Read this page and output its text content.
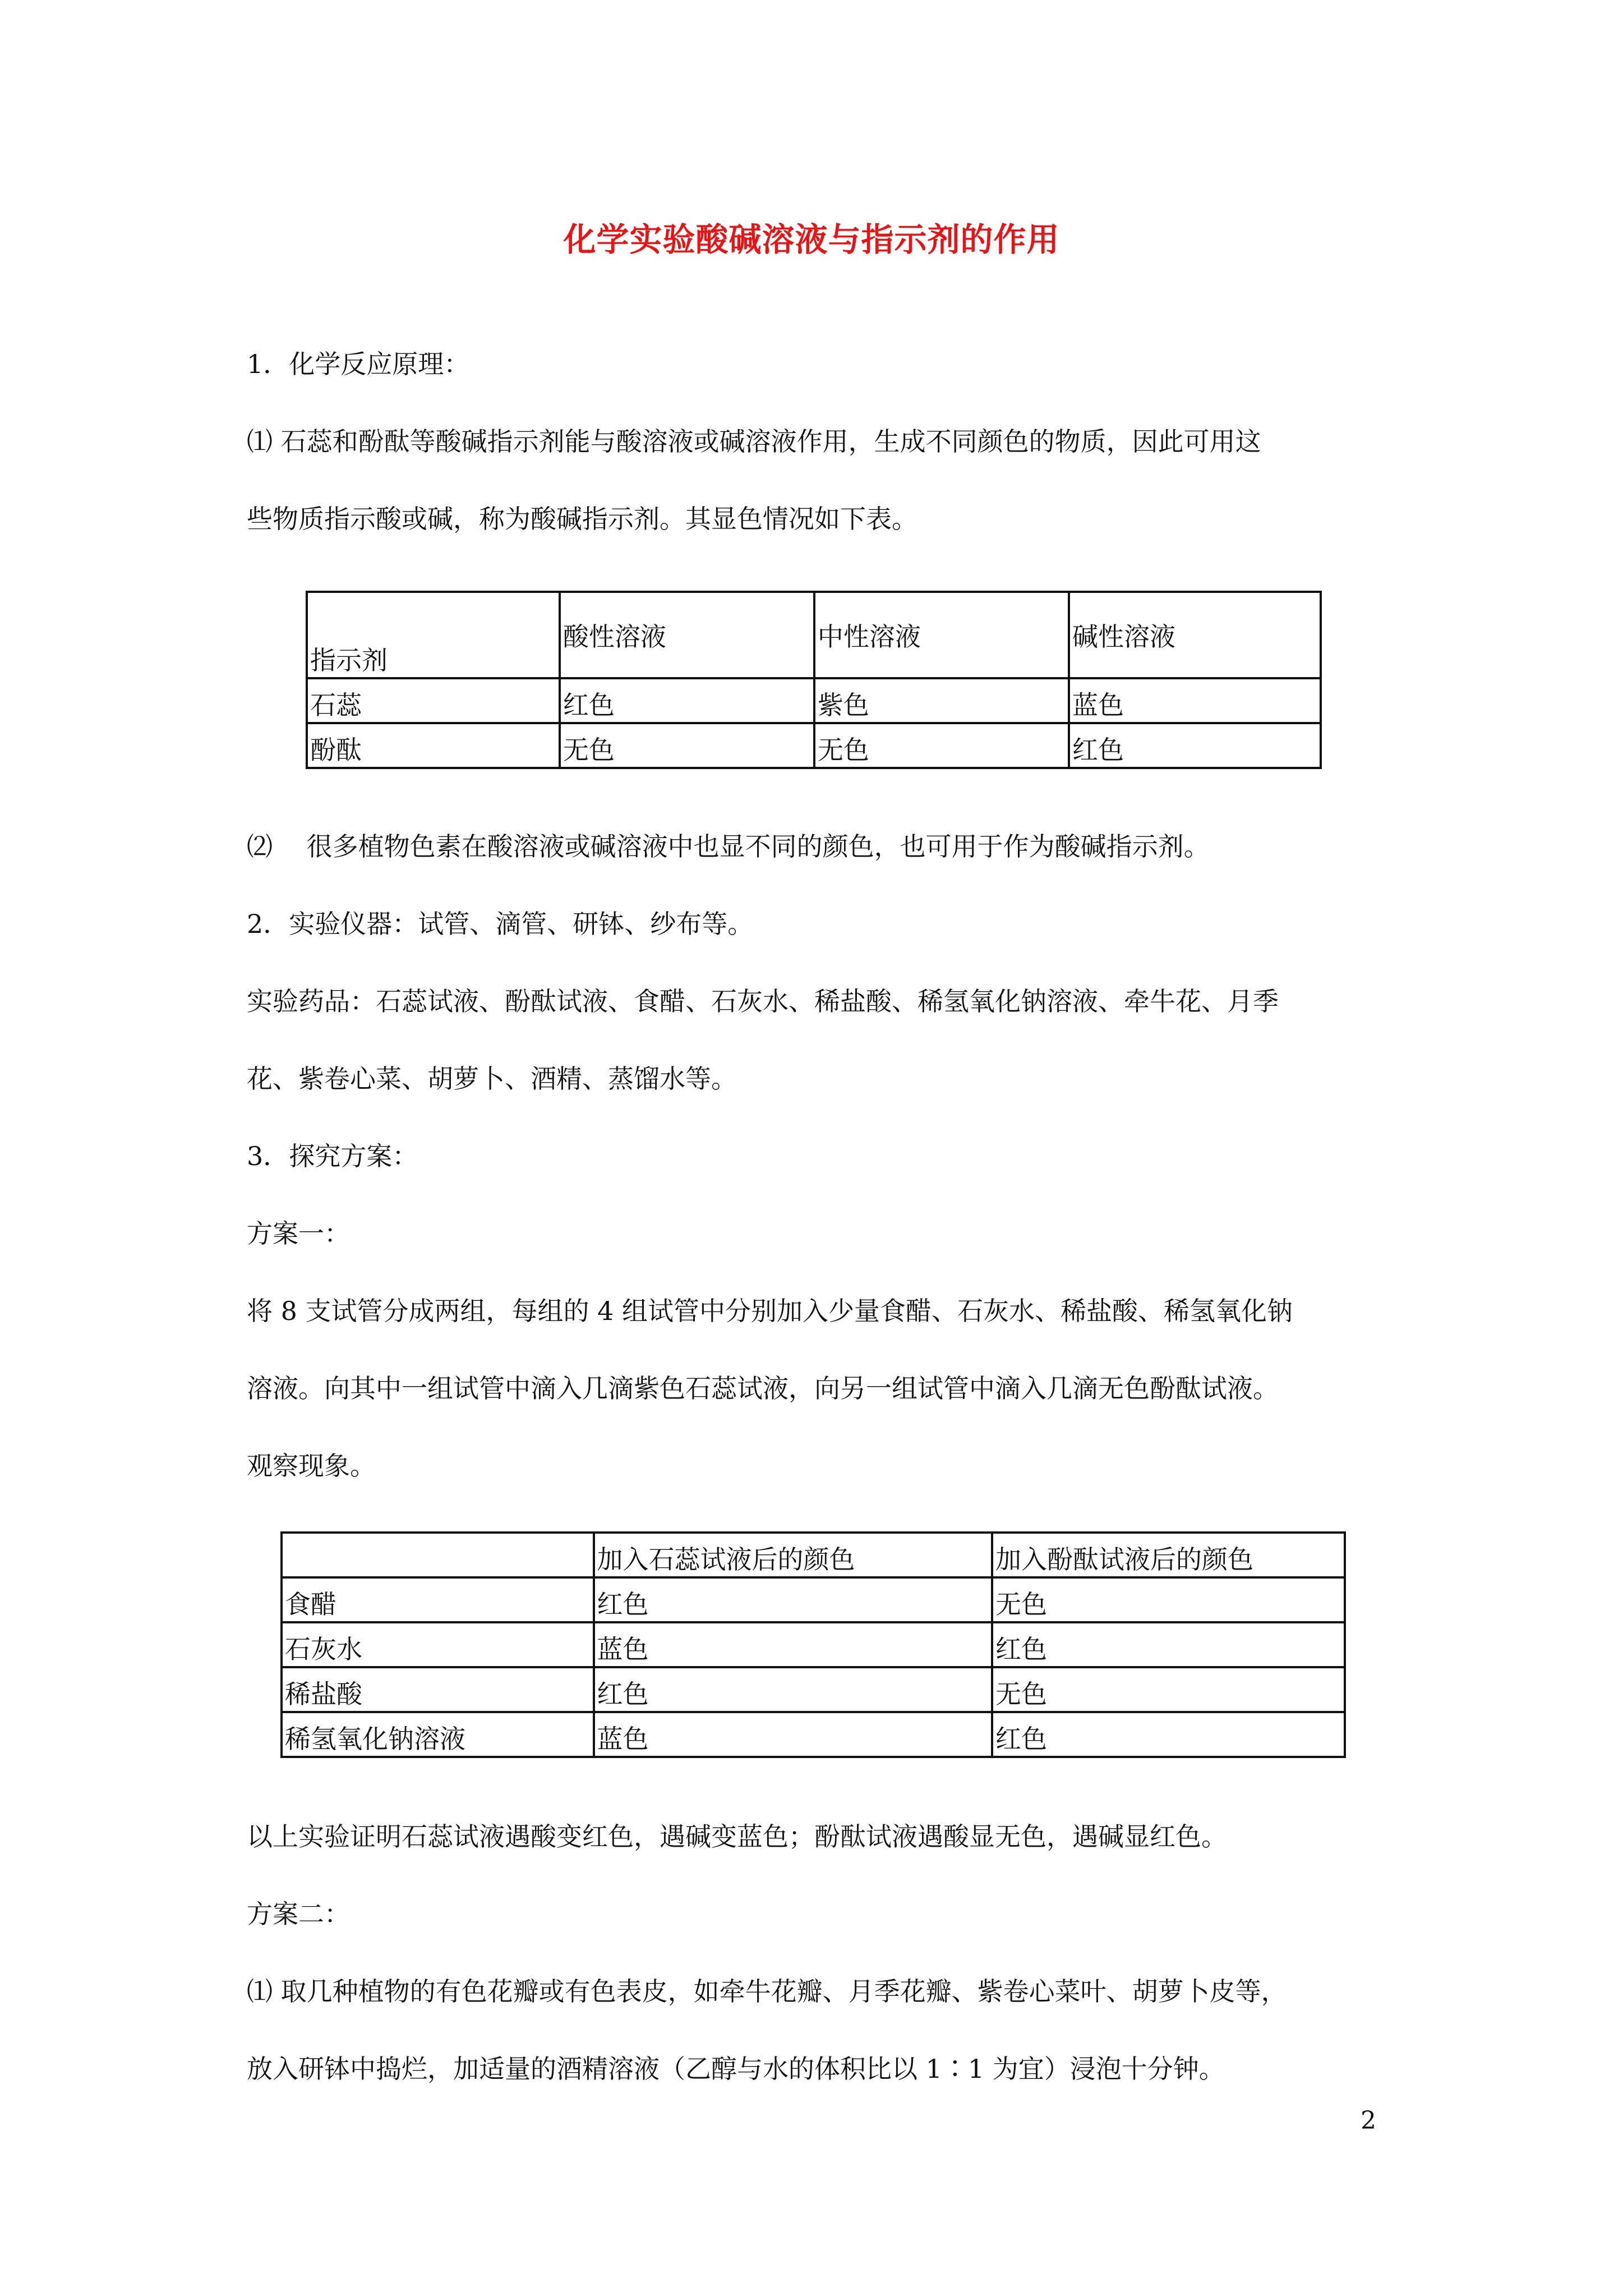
化学实验酸碱溶液与指示剂的作用
1．化学反应原理：
⑴ 石蕊和酚酞等酸碱指示剂能与酸溶液或碱溶液作用，生成不同颜色的物质，因此可用这
些物质指示酸或碱，称为酸碱指示剂。其显色情况如下表。
指示剂	酸性溶液	中性溶液	碱性溶液
石蕊	红色	紫色	蓝色
酚酞	无色	无色	红色
⑵　 很多植物色素在酸溶液或碱溶液中也显不同的颜色，也可用于作为酸碱指示剂。
2．实验仪器：试管、滴管、研钵、纱布等。
实验药品：石蕊试液、酚酞试液、食醋、石灰水、稀盐酸、稀氢氧化钠溶液、牵牛花、月季
花、紫卷心菜、胡萝卜、酒精、蒸馏水等。
3．探究方案：
方案一：
将 8 支试管分成两组，每组的 4 组试管中分别加入少量食醋、石灰水、稀盐酸、稀氢氧化钠
溶液。向其中一组试管中滴入几滴紫色石蕊试液，向另一组试管中滴入几滴无色酚酞试液。
观察现象。
	加入石蕊试液后的颜色	加入酚酞试液后的颜色
食醋	红色	无色
石灰水	蓝色	红色
稀盐酸	红色	无色
稀氢氧化钠溶液	蓝色	红色
以上实验证明石蕊试液遇酸变红色，遇碱变蓝色；酚酞试液遇酸显无色，遇碱显红色。
方案二：
⑴ 取几种植物的有色花瓣或有色表皮，如牵牛花瓣、月季花瓣、紫卷心菜叶、胡萝卜皮等，
放入研钵中捣烂，加适量的酒精溶液（乙醇与水的体积比以 1∶1 为宜）浸泡十分钟。
2
